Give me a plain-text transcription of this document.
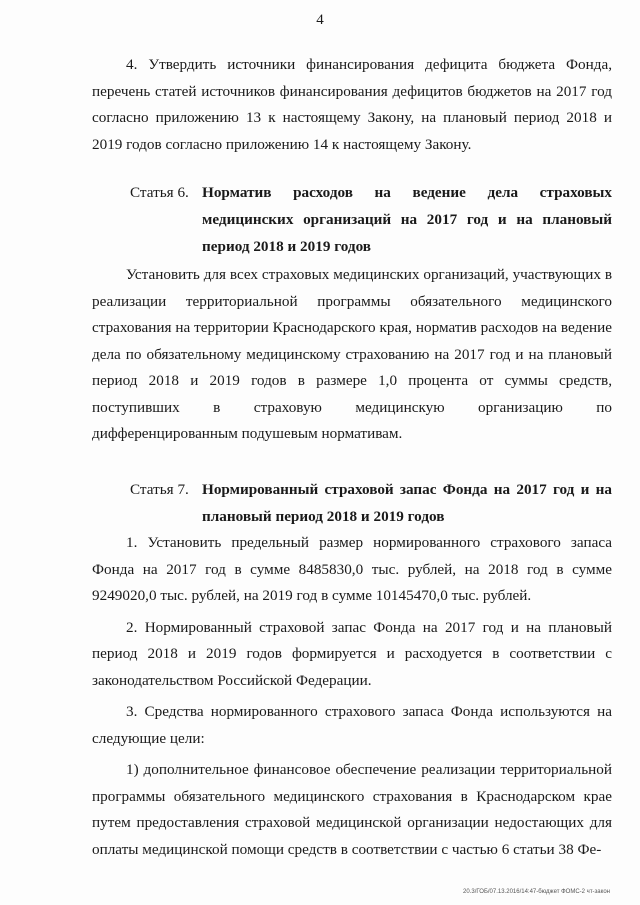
4

4. Утвердить источники финансирования дефицита бюджета Фонда, перечень статей источников финансирования дефицитов бюджетов на 2017 год согласно приложению 13 к настоящему Закону, на плановый период 2018 и 2019 годов согласно приложению 14 к настоящему Закону.

Статья 6. Норматив расходов на ведение дела страховых медицинских организаций на 2017 год и на плановый период 2018 и 2019 годов

Установить для всех страховых медицинских организаций, участвующих в реализации территориальной программы обязательного медицинского страхования на территории Краснодарского края, норматив расходов на ведение дела по обязательному медицинскому страхованию на 2017 год и на плановый период 2018 и 2019 годов в размере 1,0 процента от суммы средств, поступивших в страховую медицинскую организацию по дифференцированным подушевым нормативам.

Статья 7. Нормированный страховой запас Фонда на 2017 год и на плановый период 2018 и 2019 годов

1. Установить предельный размер нормированного страхового запаса Фонда на 2017 год в сумме 8485830,0 тыс. рублей, на 2018 год в сумме 9249020,0 тыс. рублей, на 2019 год в сумме 10145470,0 тыс. рублей.

2. Нормированный страховой запас Фонда на 2017 год и на плановый период 2018 и 2019 годов формируется и расходуется в соответствии с законодательством Российской Федерации.

3. Средства нормированного страхового запаса Фонда используются на следующие цели:

1) дополнительное финансовое обеспечение реализации территориальной программы обязательного медицинского страхования в Краснодарском крае путем предоставления страховой медицинской организации недостающих для оплаты медицинской помощи средств в соответствии с частью 6 статьи 38 Фе-

20.3/ГОБ/07.13.2016/14:47-бюджет ФОМС-2 чт-закон
